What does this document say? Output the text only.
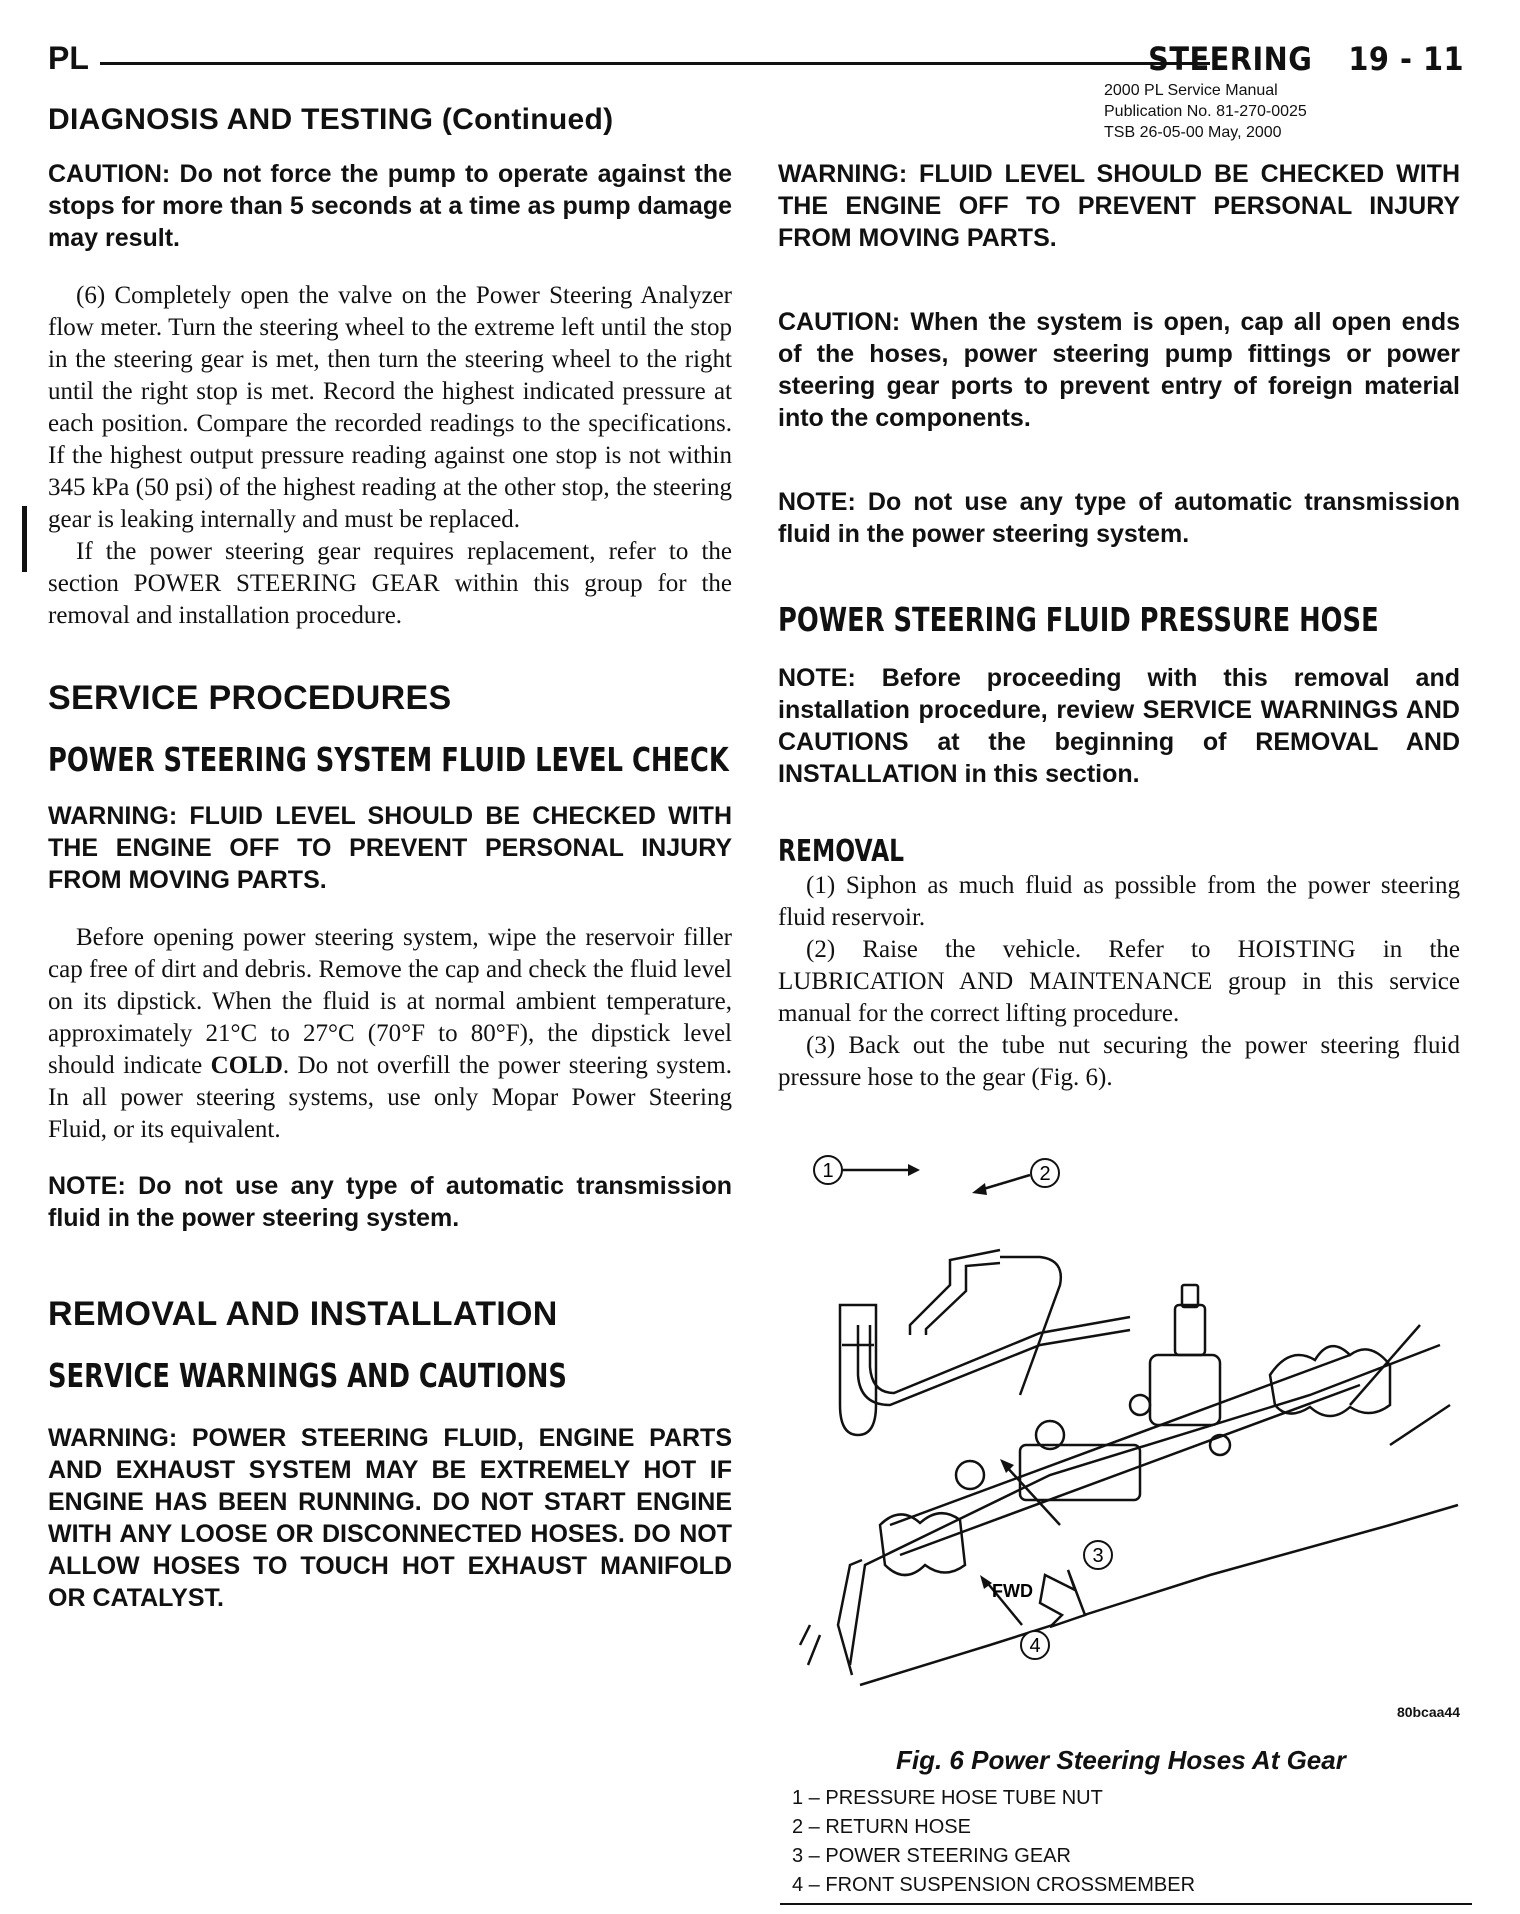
PL	STEERING 19 - 11
2000 PL Service Manual
Publication No. 81-270-0025
TSB 26-05-00 May, 2000
DIAGNOSIS AND TESTING (Continued)

CAUTION: Do not force the pump to operate against the stops for more than 5 seconds at a time as pump damage may result.

(6) Completely open the valve on the Power Steering Analyzer flow meter. Turn the steering wheel to the extreme left until the stop in the steering gear is met, then turn the steering wheel to the right until the right stop is met. Record the highest indicated pressure at each position. Compare the recorded readings to the specifications. If the highest output pressure reading against one stop is not within 345 kPa (50 psi) of the highest reading at the other stop, the steering gear is leaking internally and must be replaced.

If the power steering gear requires replacement, refer to the section POWER STEERING GEAR within this group for the removal and installation procedure.

SERVICE PROCEDURES
POWER STEERING SYSTEM FLUID LEVEL CHECK

WARNING: FLUID LEVEL SHOULD BE CHECKED WITH THE ENGINE OFF TO PREVENT PERSONAL INJURY FROM MOVING PARTS.

Before opening power steering system, wipe the reservoir filler cap free of dirt and debris. Remove the cap and check the fluid level on its dipstick. When the fluid is at normal ambient temperature, approximately 21°C to 27°C (70°F to 80°F), the dipstick level should indicate COLD. Do not overfill the power steering system. In all power steering systems, use only Mopar Power Steering Fluid, or its equivalent.

NOTE: Do not use any type of automatic transmission fluid in the power steering system.

REMOVAL AND INSTALLATION
SERVICE WARNINGS AND CAUTIONS

WARNING: POWER STEERING FLUID, ENGINE PARTS AND EXHAUST SYSTEM MAY BE EXTREMELY HOT IF ENGINE HAS BEEN RUNNING. DO NOT START ENGINE WITH ANY LOOSE OR DISCONNECTED HOSES. DO NOT ALLOW HOSES TO TOUCH HOT EXHAUST MANIFOLD OR CATALYST.

WARNING: FLUID LEVEL SHOULD BE CHECKED WITH THE ENGINE OFF TO PREVENT PERSONAL INJURY FROM MOVING PARTS.

CAUTION: When the system is open, cap all open ends of the hoses, power steering pump fittings or power steering gear ports to prevent entry of foreign material into the components.

NOTE: Do not use any type of automatic transmission fluid in the power steering system.

POWER STEERING FLUID PRESSURE HOSE

NOTE: Before proceeding with this removal and installation procedure, review SERVICE WARNINGS AND CAUTIONS at the beginning of REMOVAL AND INSTALLATION in this section.

REMOVAL

(1) Siphon as much fluid as possible from the power steering fluid reservoir.

(2) Raise the vehicle. Refer to HOISTING in the LUBRICATION AND MAINTENANCE group in this service manual for the correct lifting procedure.

(3) Back out the tube nut securing the power steering fluid pressure hose to the gear (Fig. 6).

1	2
3
4
FWD
80bcaa44
Fig. 6 Power Steering Hoses At Gear
1 – PRESSURE HOSE TUBE NUT
2 – RETURN HOSE
3 – POWER STEERING GEAR
4 – FRONT SUSPENSION CROSSMEMBER
